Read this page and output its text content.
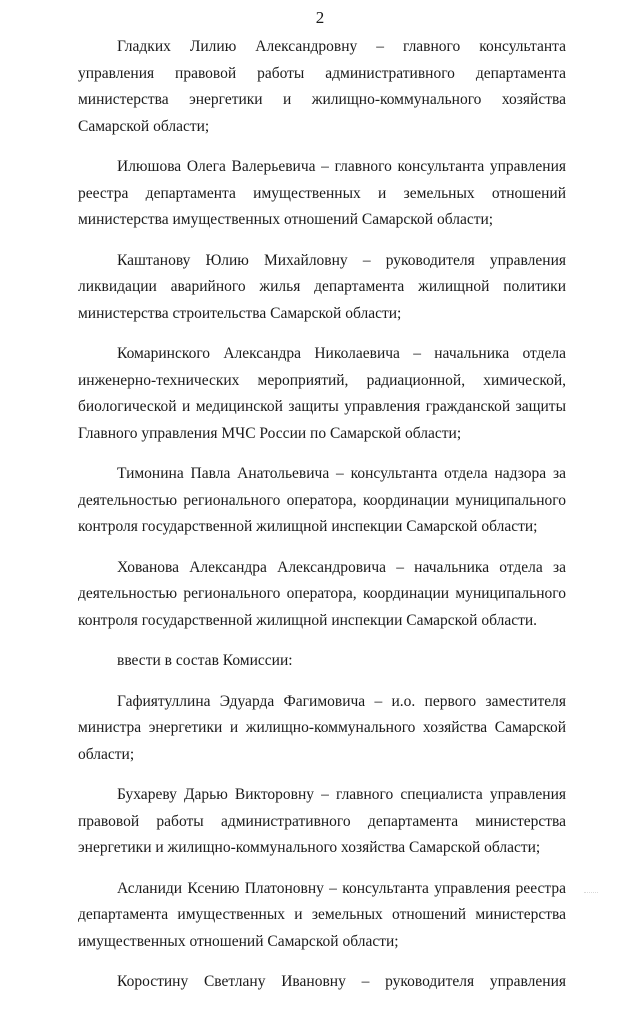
2

Гладких Лилию Александровну – главного консультанта управления правовой работы административного департамента министерства энергетики и жилищно-коммунального хозяйства Самарской области;

Илюшова Олега Валерьевича – главного консультанта управления реестра департамента имущественных и земельных отношений министерства имущественных отношений Самарской области;

Каштанову Юлию Михайловну – руководителя управления ликвидации аварийного жилья департамента жилищной политики министерства строительства Самарской области;

Комаринского Александра Николаевича – начальника отдела инженерно-технических мероприятий, радиационной, химической, биологической и медицинской защиты управления гражданской защиты Главного управления МЧС России по Самарской области;

Тимонина Павла Анатольевича – консультанта отдела надзора за деятельностью регионального оператора, координации муниципального контроля государственной жилищной инспекции Самарской области;

Хованова Александра Александровича – начальника отдела за деятельностью регионального оператора, координации муниципального контроля государственной жилищной инспекции Самарской области.

ввести в состав Комиссии:

Гафиятуллина Эдуарда Фагимовича – и.о. первого заместителя министра энергетики и жилищно-коммунального хозяйства Самарской области;

Бухареву Дарью Викторовну – главного специалиста управления правовой работы административного департамента министерства энергетики и жилищно-коммунального хозяйства Самарской области;

Асланиди Ксению Платоновну – консультанта управления реестра департамента имущественных и земельных отношений министерства имущественных отношений Самарской области;

Коростину Светлану Ивановну – руководителя управления
